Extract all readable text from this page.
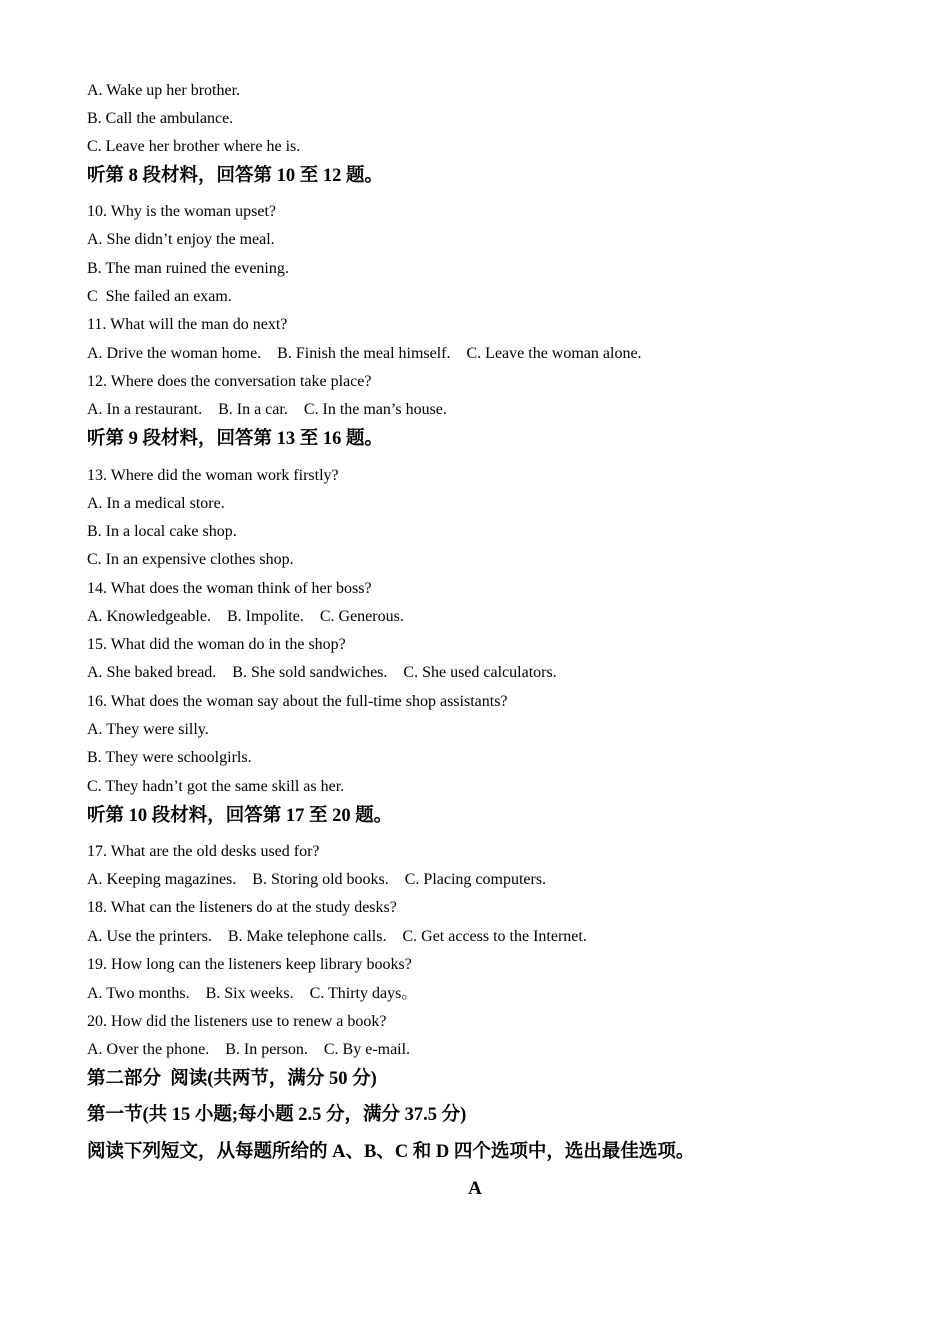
A. Wake up her brother.
B. Call the ambulance.
C. Leave her brother where he is.
听第 8 段材料，回答第 10 至 12 题。
10. Why is the woman upset?
A. She didn’t enjoy the meal.
B. The man ruined the evening.
C  She failed an exam.
11. What will the man do next?
A. Drive the woman home.    B. Finish the meal himself.    C. Leave the woman alone.
12. Where does the conversation take place?
A. In a restaurant.    B. In a car.    C. In the man’s house.
听第 9 段材料，回答第 13 至 16 题。
13. Where did the woman work firstly?
A. In a medical store.
B. In a local cake shop.
C. In an expensive clothes shop.
14. What does the woman think of her boss?
A. Knowledgeable.    B. Impolite.    C. Generous.
15. What did the woman do in the shop?
A. She baked bread.    B. She sold sandwiches.    C. She used calculators.
16. What does the woman say about the full-time shop assistants?
A. They were silly.
B. They were schoolgirls.
C. They hadn’t got the same skill as her.
听第 10 段材料，回答第 17 至 20 题。
17. What are the old desks used for?
A. Keeping magazines.    B. Storing old books.    C. Placing computers.
18. What can the listeners do at the study desks?
A. Use the printers.    B. Make telephone calls.    C. Get access to the Internet.
19. How long can the listeners keep library books?
A. Two months.    B. Six weeks.    C. Thirty days。
20. How did the listeners use to renew a book?
A. Over the phone.    B. In person.    C. By e-mail.
第二部分  阅读(共两节，满分 50 分)
第一节(共 15 小题;每小题 2.5 分，满分 37.5 分)
阅读下列短文，从每题所给的 A、B、C 和 D 四个选项中，选出最佳选项。
A
